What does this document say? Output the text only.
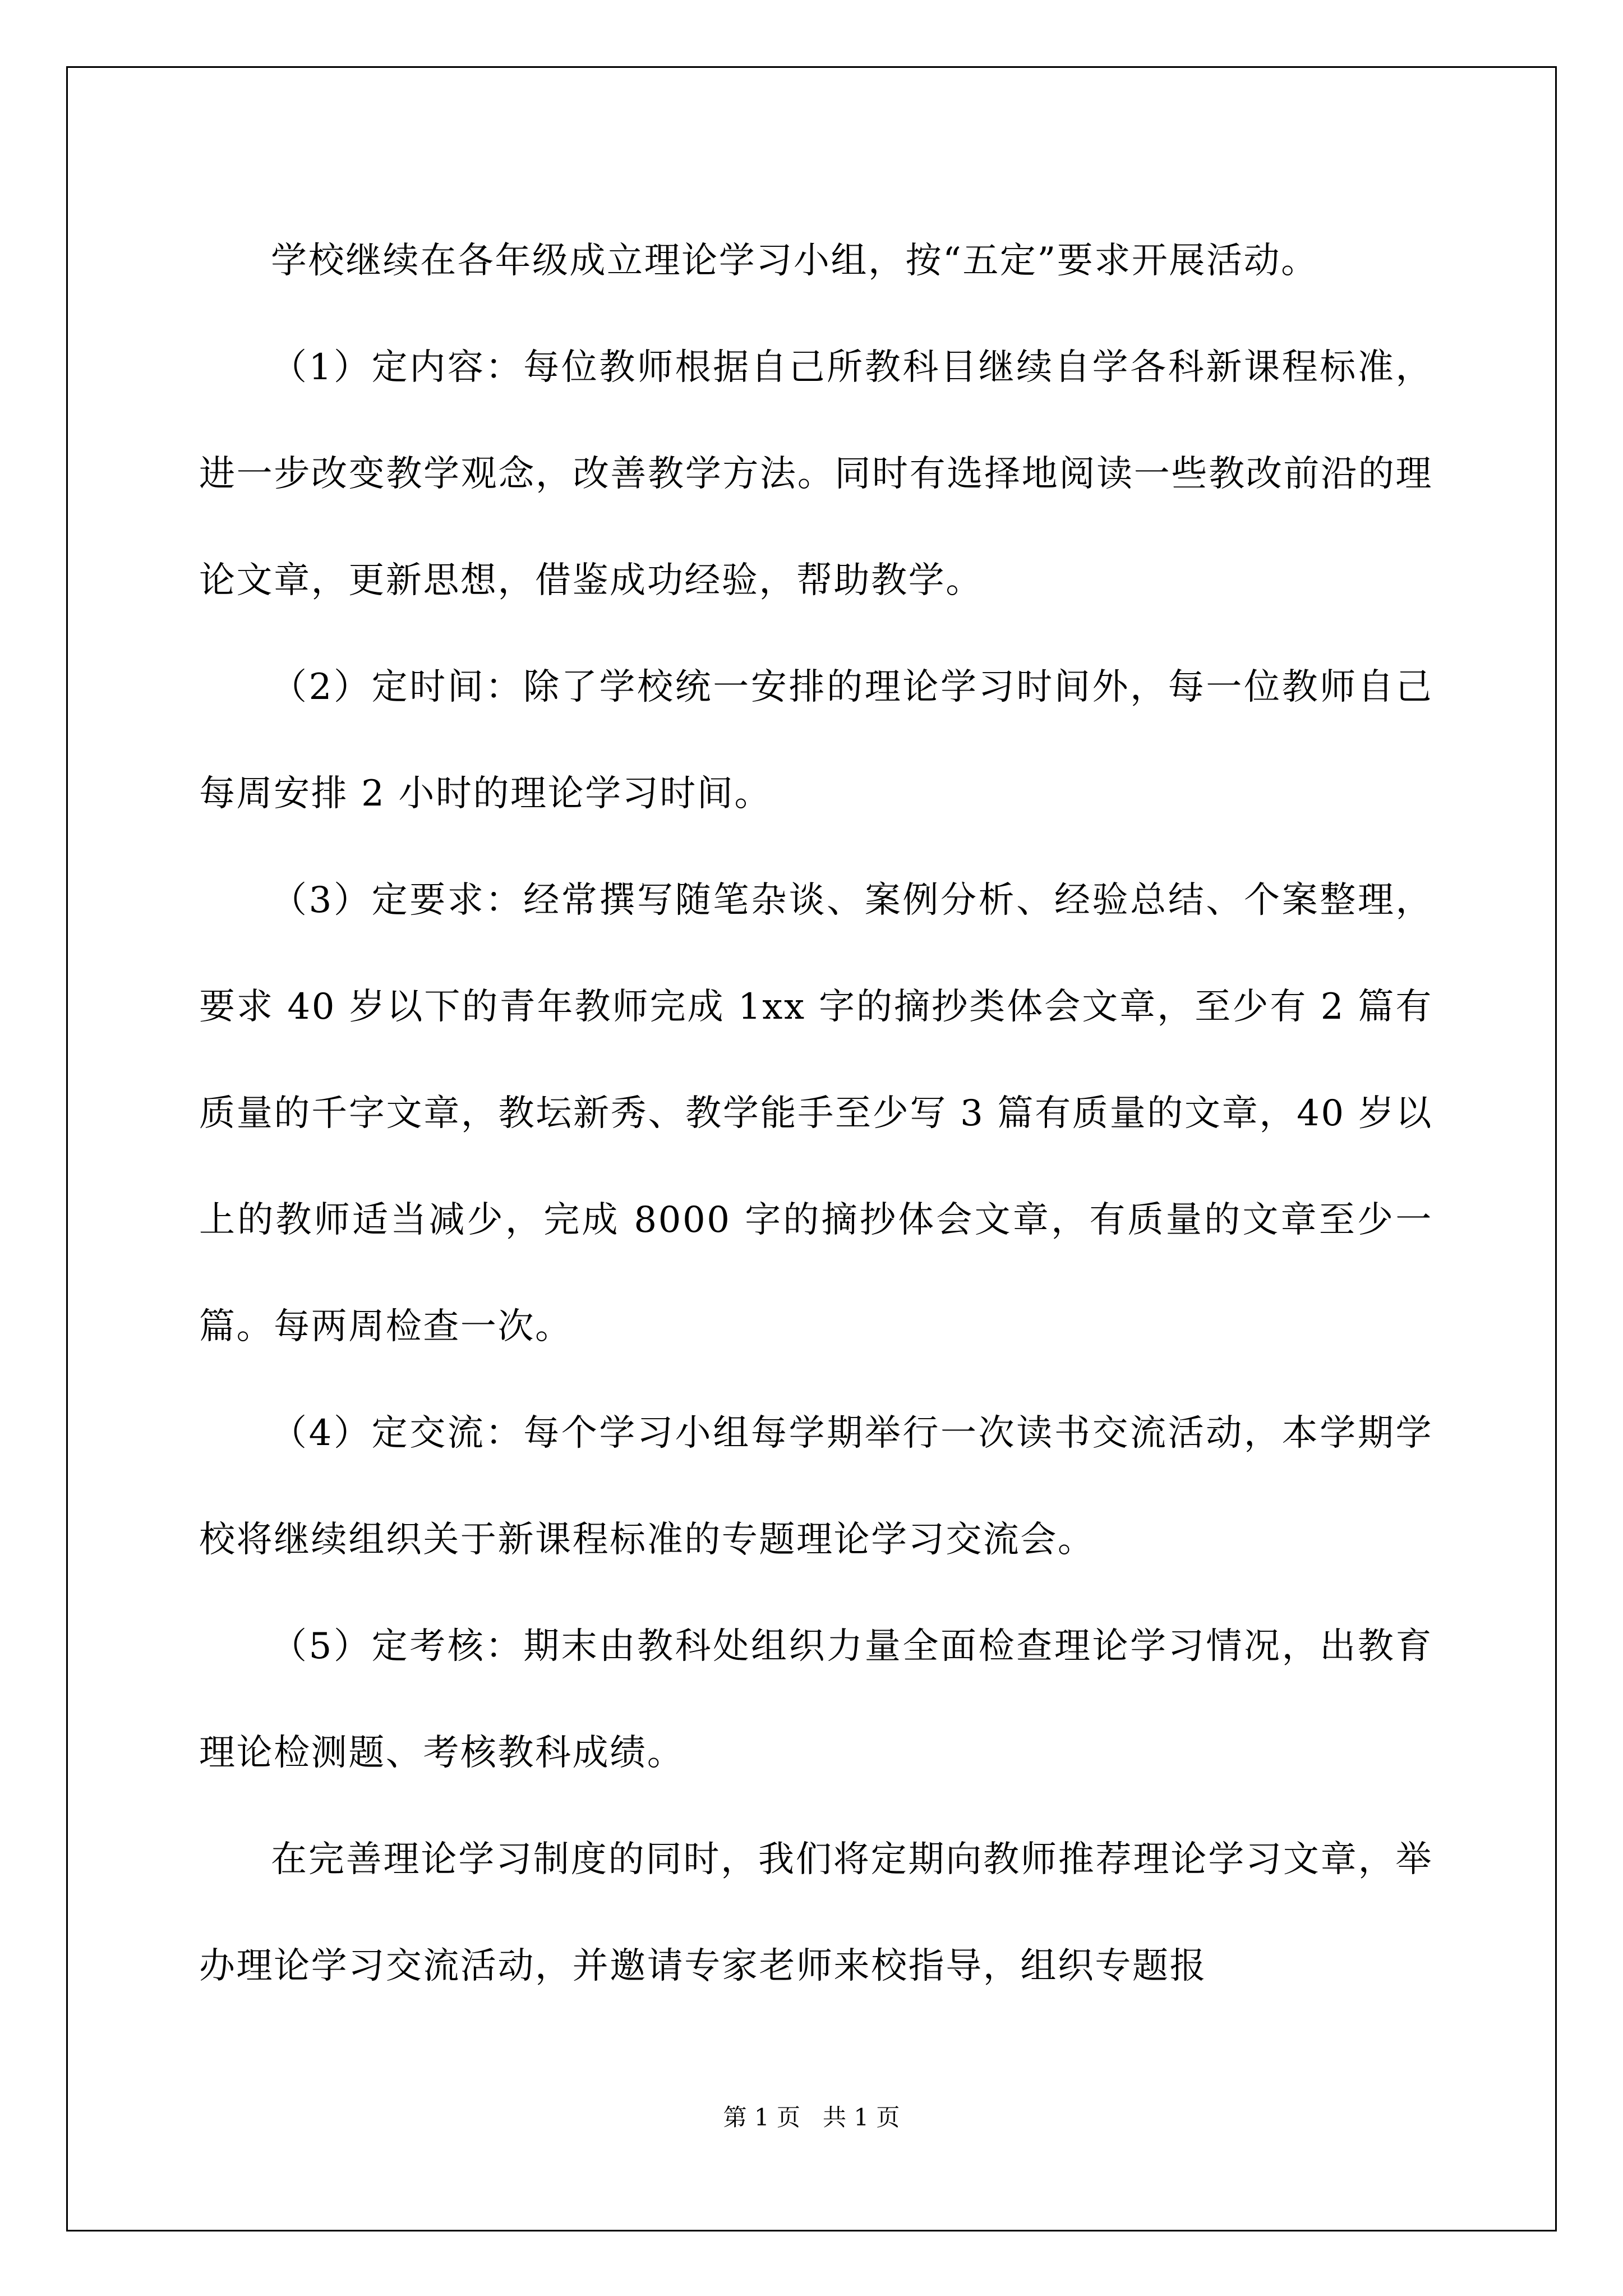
学校继续在各年级成立理论学习小组，按“五定”要求开展活动。

（1）定内容：每位教师根据自己所教科目继续自学各科新课程标准，进一步改变教学观念，改善教学方法。同时有选择地阅读一些教改前沿的理论文章，更新思想，借鉴成功经验，帮助教学。

（2）定时间：除了学校统一安排的理论学习时间外，每一位教师自己每周安排 2 小时的理论学习时间。

（3）定要求：经常撰写随笔杂谈、案例分析、经验总结、个案整理，要求 40 岁以下的青年教师完成 1xx 字的摘抄类体会文章，至少有 2 篇有质量的千字文章，教坛新秀、教学能手至少写 3 篇有质量的文章，40 岁以上的教师适当减少，完成 8000 字的摘抄体会文章，有质量的文章至少一篇。每两周检查一次。

（4）定交流：每个学习小组每学期举行一次读书交流活动，本学期学校将继续组织关于新课程标准的专题理论学习交流会。

（5）定考核：期末由教科处组织力量全面检查理论学习情况，出教育理论检测题、考核教科成绩。

在完善理论学习制度的同时，我们将定期向教师推荐理论学习文章，举办理论学习交流活动，并邀请专家老师来校指导，组织专题报

第 1 页 共 1 页
